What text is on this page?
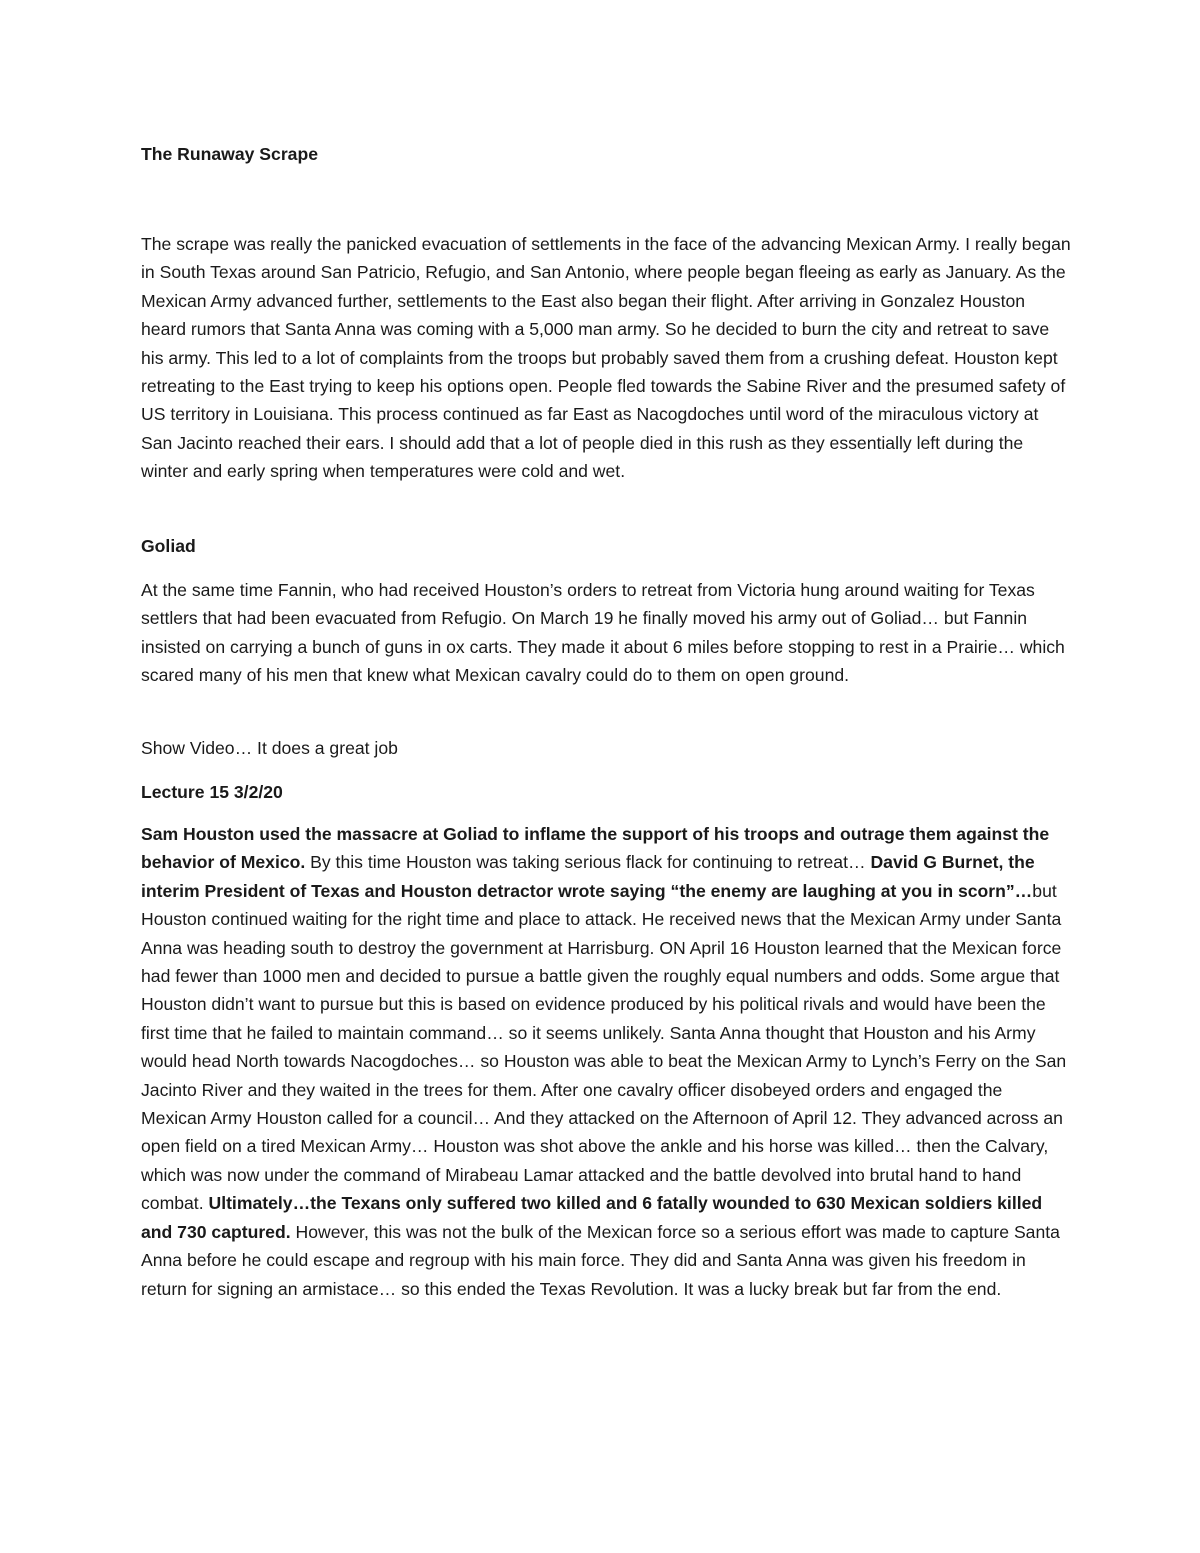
The Runaway Scrape

The scrape was really the panicked evacuation of settlements in the face of the advancing Mexican Army. I really began in South Texas around San Patricio, Refugio, and San Antonio, where people began fleeing as early as January. As the Mexican Army advanced further, settlements to the East also began their flight. After arriving in Gonzalez Houston heard rumors that Santa Anna was coming with a 5,000 man army. So he decided to burn the city and retreat to save his army. This led to a lot of complaints from the troops but probably saved them from a crushing defeat. Houston kept retreating to the East trying to keep his options open. People fled towards the Sabine River and the presumed safety of US territory in Louisiana. This process continued as far East as Nacogdoches until word of the miraculous victory at San Jacinto reached their ears. I should add that a lot of people died in this rush as they essentially left during the winter and early spring when temperatures were cold and wet.

Goliad

At the same time Fannin, who had received Houston’s orders to retreat from Victoria hung around waiting for Texas settlers that had been evacuated from Refugio. On March 19 he finally moved his army out of Goliad… but Fannin insisted on carrying a bunch of guns in ox carts. They made it about 6 miles before stopping to rest in a Prairie… which scared many of his men that knew what Mexican cavalry could do to them on open ground.

Show Video… It does a great job

Lecture 15 3/2/20

Sam Houston used the massacre at Goliad to inflame the support of his troops and outrage them against the behavior of Mexico. By this time Houston was taking serious flack for continuing to retreat… David G Burnet, the interim President of Texas and Houston detractor wrote saying “the enemy are laughing at you in scorn”…but Houston continued waiting for the right time and place to attack. He received news that the Mexican Army under Santa Anna was heading south to destroy the government at Harrisburg. ON April 16 Houston learned that the Mexican force had fewer than 1000 men and decided to pursue a battle given the roughly equal numbers and odds. Some argue that Houston didn’t want to pursue but this is based on evidence produced by his political rivals and would have been the first time that he failed to maintain command… so it seems unlikely. Santa Anna thought that Houston and his Army would head North towards Nacogdoches… so Houston was able to beat the Mexican Army to Lynch’s Ferry on the San Jacinto River and they waited in the trees for them. After one cavalry officer disobeyed orders and engaged the Mexican Army Houston called for a council… And they attacked on the Afternoon of April 12. They advanced across an open field on a tired Mexican Army… Houston was shot above the ankle and his horse was killed… then the Calvary, which was now under the command of Mirabeau Lamar attacked and the battle devolved into brutal hand to hand combat. Ultimately…the Texans only suffered two killed and 6 fatally wounded to 630 Mexican soldiers killed and 730 captured. However, this was not the bulk of the Mexican force so a serious effort was made to capture Santa Anna before he could escape and regroup with his main force. They did and Santa Anna was given his freedom in return for signing an armistace… so this ended the Texas Revolution. It was a lucky break but far from the end.
